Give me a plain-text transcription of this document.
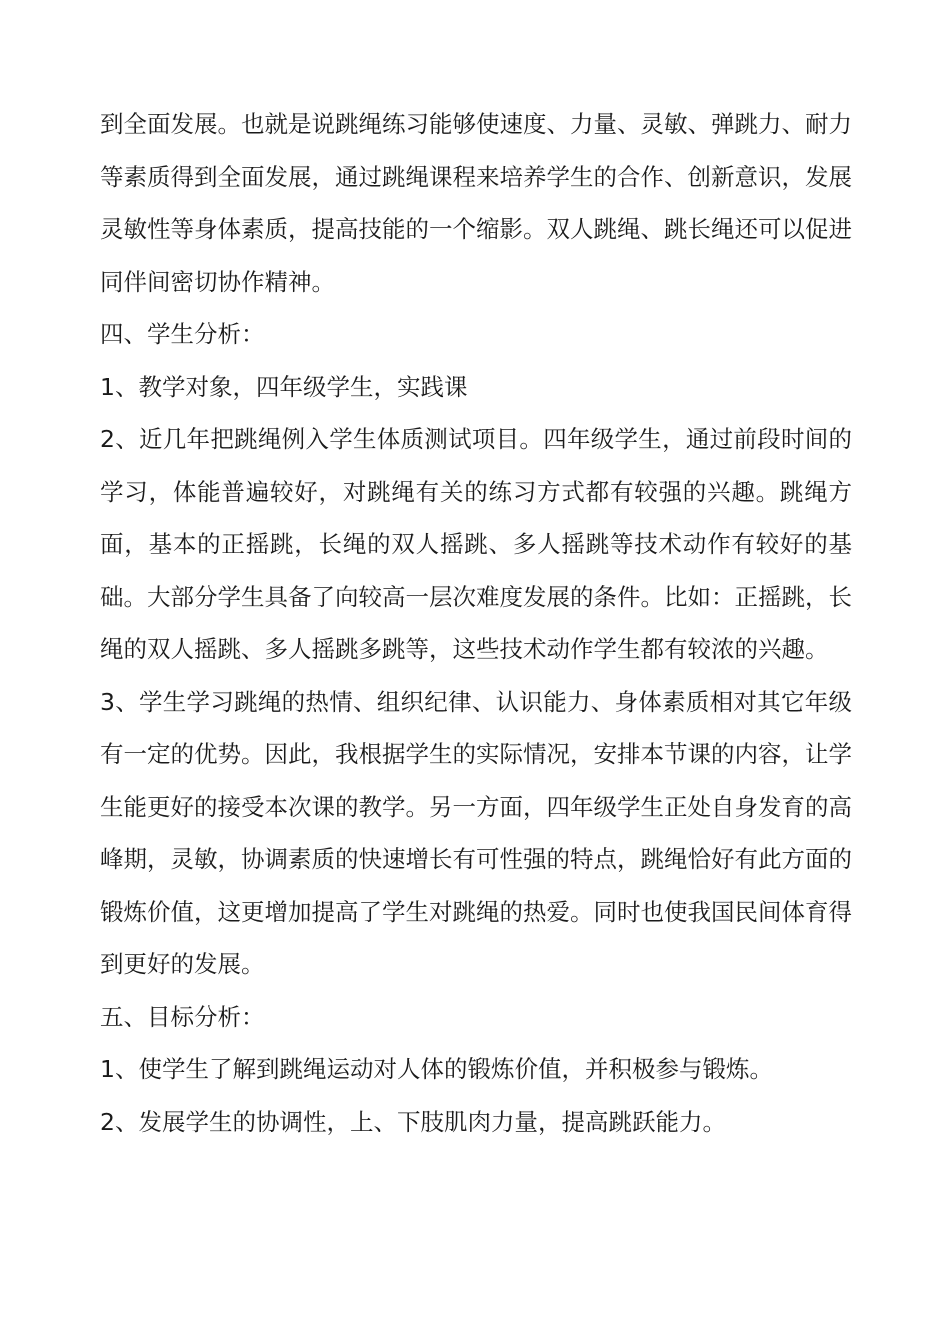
到全面发展。也就是说跳绳练习能够使速度、力量、灵敏、弹跳力、耐力等素质得到全面发展，通过跳绳课程来培养学生的合作、创新意识，发展灵敏性等身体素质，提高技能的一个缩影。双人跳绳、跳长绳还可以促进同伴间密切协作精神。

四、学生分析：

1、教学对象，四年级学生，实践课

2、近几年把跳绳例入学生体质测试项目。四年级学生，通过前段时间的学习，体能普遍较好，对跳绳有关的练习方式都有较强的兴趣。跳绳方面，基本的正摇跳，长绳的双人摇跳、多人摇跳等技术动作有较好的基础。大部分学生具备了向较高一层次难度发展的条件。比如：正摇跳，长绳的双人摇跳、多人摇跳多跳等，这些技术动作学生都有较浓的兴趣。

3、学生学习跳绳的热情、组织纪律、认识能力、身体素质相对其它年级有一定的优势。因此，我根据学生的实际情况，安排本节课的内容，让学生能更好的接受本次课的教学。另一方面，四年级学生正处自身发育的高峰期，灵敏，协调素质的快速增长有可性强的特点，跳绳恰好有此方面的锻炼价值，这更增加提高了学生对跳绳的热爱。同时也使我国民间体育得到更好的发展。

五、目标分析：

1、使学生了解到跳绳运动对人体的锻炼价值，并积极参与锻炼。

2、发展学生的协调性，上、下肢肌肉力量，提高跳跃能力。
